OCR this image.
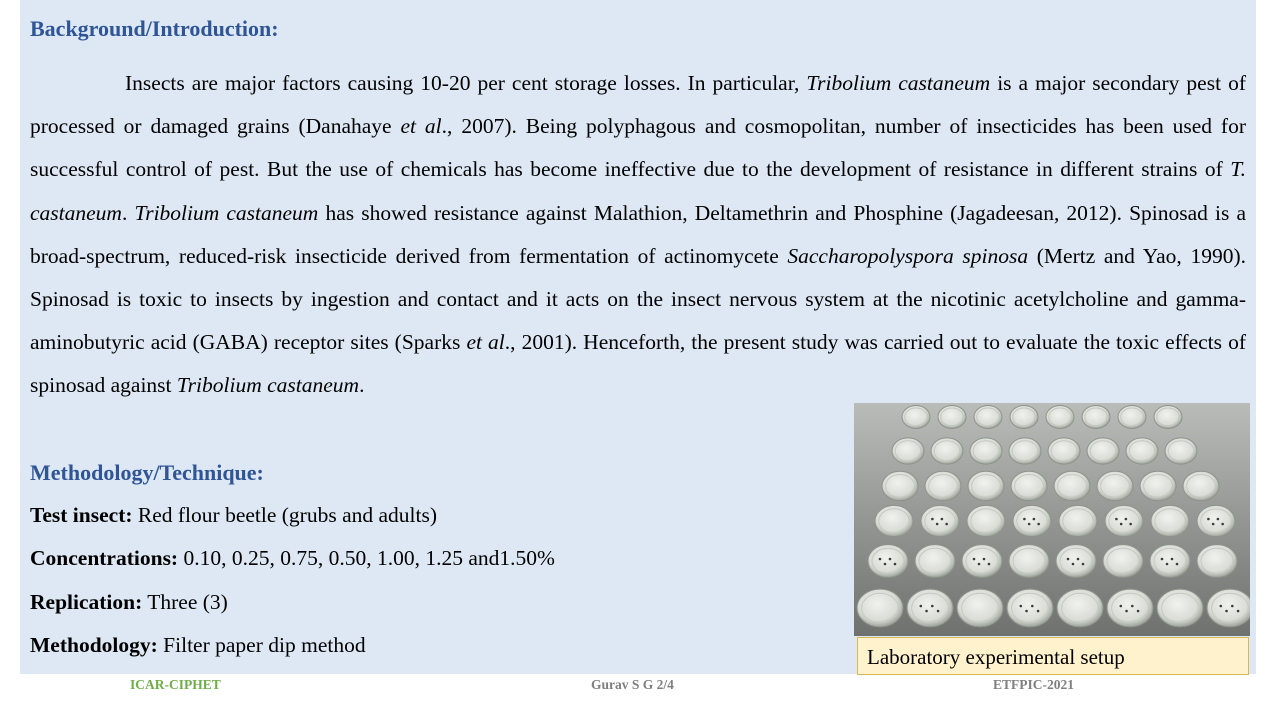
Background/Introduction:

Insects are major factors causing 10-20 per cent storage losses. In particular, Tribolium castaneum is a major secondary pest of processed or damaged grains (Danahaye et al., 2007). Being polyphagous and cosmopolitan, number of insecticides has been used for successful control of pest. But the use of chemicals has become ineffective due to the development of resistance in different strains of T. castaneum. Tribolium castaneum has showed resistance against Malathion, Deltamethrin and Phosphine (Jagadeesan, 2012). Spinosad is a broad-spectrum, reduced-risk insecticide derived from fermentation of actinomycete Saccharopolyspora spinosa (Mertz and Yao, 1990). Spinosad is toxic to insects by ingestion and contact and it acts on the insect nervous system at the nicotinic acetylcholine and gamma-aminobutyric acid (GABA) receptor sites (Sparks et al., 2001). Henceforth, the present study was carried out to evaluate the toxic effects of spinosad against Tribolium castaneum.

Methodology/Technique:
Test insect: Red flour beetle (grubs and adults)
Concentrations: 0.10, 0.25, 0.75, 0.50, 1.00, 1.25 and1.50%
Replication: Three (3)
Methodology: Filter paper dip method	Laboratory experimental setup
ICAR-CIPHET	Gurav S G 2/4	ETFPIC-2021
